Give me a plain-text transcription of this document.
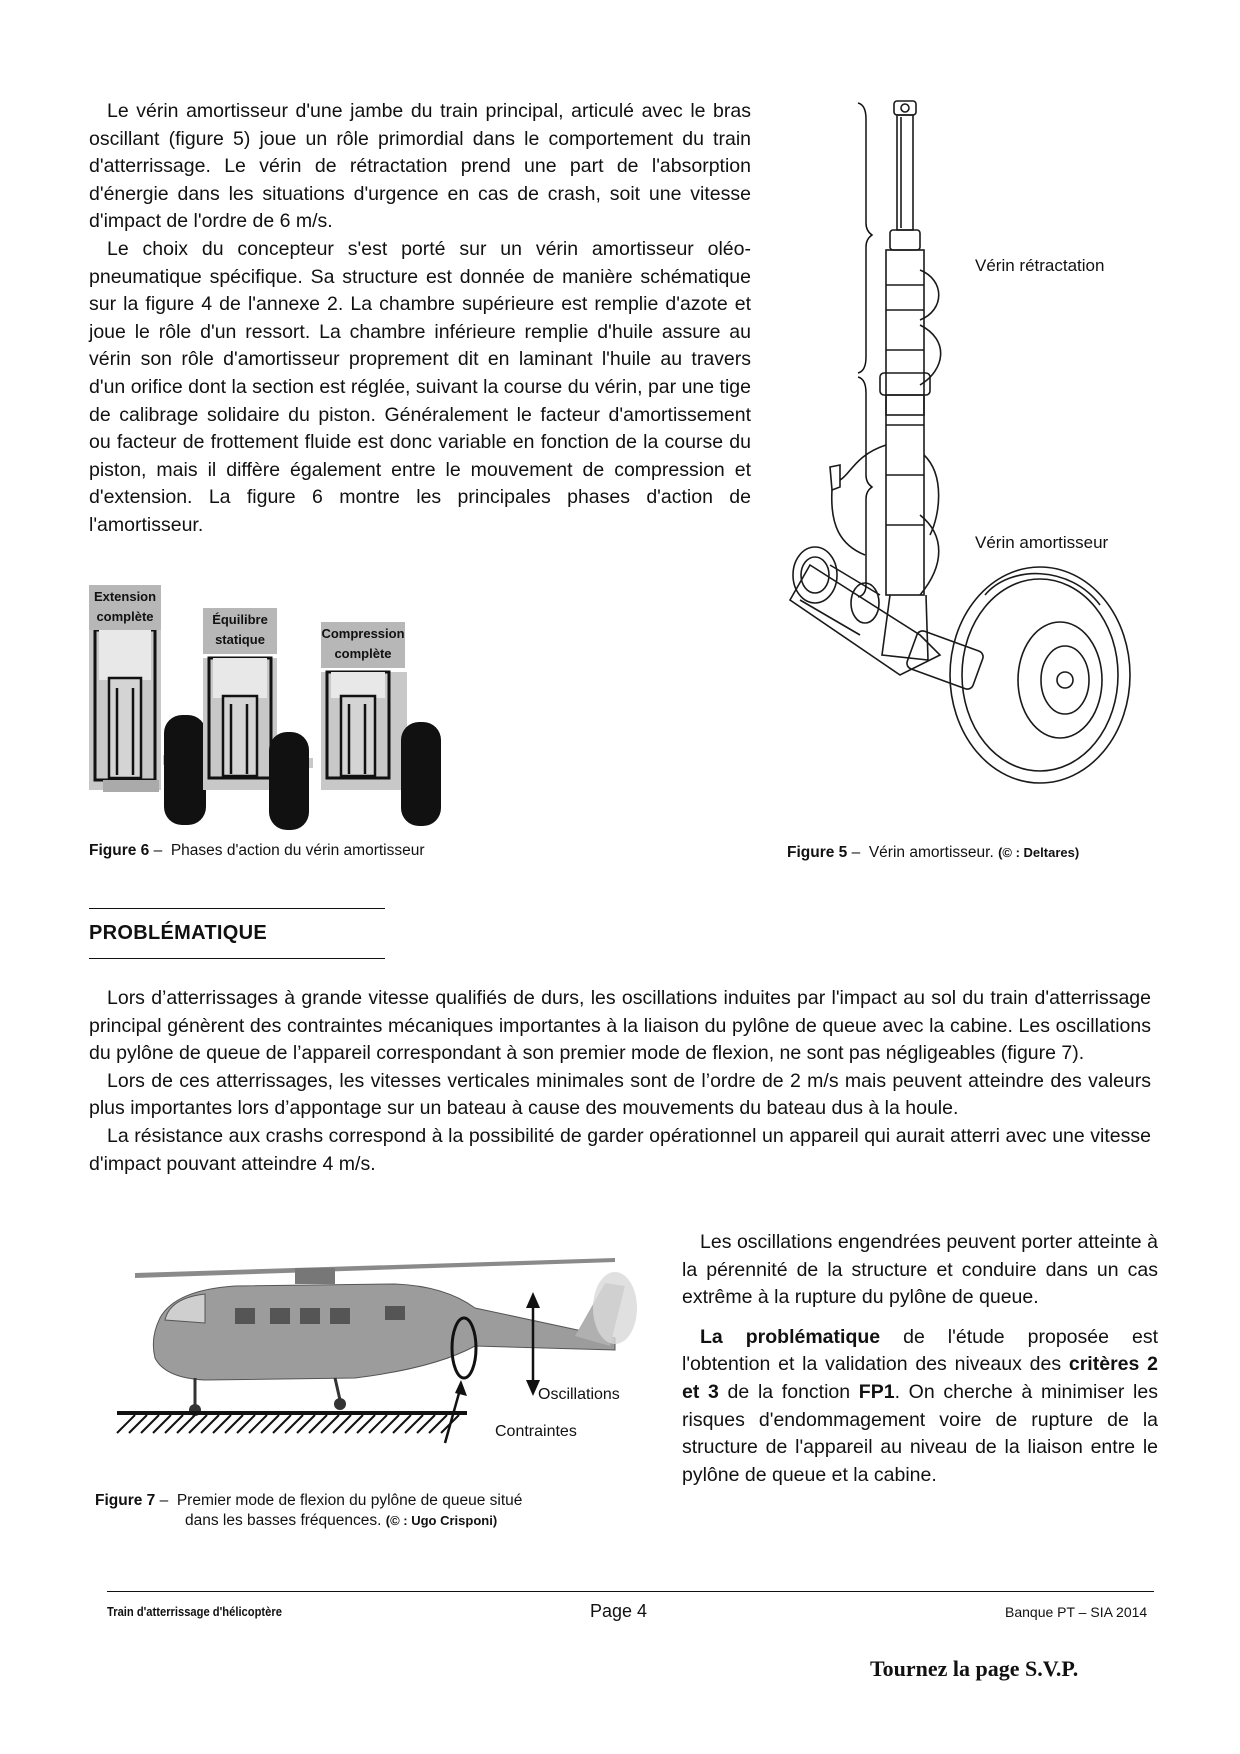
Le vérin amortisseur d'une jambe du train principal, articulé avec le bras oscillant (figure 5) joue un rôle primordial dans le comportement du train d'atterrissage. Le vérin de rétractation prend une part de l'absorption d'énergie dans les situations d'urgence en cas de crash, soit une vitesse d'impact de l'ordre de 6 m/s.

Le choix du concepteur s'est porté sur un vérin amortisseur oléo-pneumatique spécifique. Sa structure est donnée de manière schématique sur la figure 4 de l'annexe 2. La chambre supérieure est remplie d'azote et joue le rôle d'un ressort. La chambre inférieure remplie d'huile assure au vérin son rôle d'amortisseur proprement dit en laminant l'huile au travers d'un orifice dont la section est réglée, suivant la course du vérin, par une tige de calibrage solidaire du piston. Généralement le facteur d'amortissement ou facteur de frottement fluide est donc variable en fonction de la course du piston, mais il diffère également entre le mouvement de compression et d'extension. La figure 6 montre les principales phases d'action de l'amortisseur.

Vérin rétractation
Vérin amortisseur
Figure 5 –  Vérin amortisseur. (© : Deltares)
Extension complète	Équilibre statique	Compression complète
Figure 6 –  Phases d'action du vérin amortisseur
PROBLÉMATIQUE

Lors d’atterrissages à grande vitesse qualifiés de durs, les oscillations induites par l'impact au sol du train d'atterrissage principal génèrent des contraintes mécaniques importantes à la liaison du pylône de queue avec la cabine. Les oscillations du pylône de queue de l’appareil correspondant à son premier mode de flexion, ne sont pas négligeables (figure 7).

Lors de ces atterrissages, les vitesses verticales minimales sont de l’ordre de 2 m/s mais peuvent atteindre des valeurs plus importantes lors d’appontage sur un bateau à cause des mouvements du bateau dus à la houle.

La résistance aux crashs correspond à la possibilité de garder opérationnel un appareil qui aurait atterri avec une vitesse d'impact pouvant atteindre 4 m/s.

Oscillations
Contraintes
Figure 7 –  Premier mode de flexion du pylône de queue situé
dans les basses fréquences. (© : Ugo Crisponi)

Les oscillations engendrées peuvent porter atteinte à la pérennité de la structure et conduire dans un cas extrême à la rupture du pylône de queue.

La problématique de l'étude proposée est l'obtention et la validation des niveaux des critères 2 et 3 de la fonction FP1. On cherche à minimiser les risques d'endommagement voire de rupture de la structure de l'appareil au niveau de la liaison entre le pylône de queue et la cabine.

Train d'atterrissage d'hélicoptère	Page 4	Banque PT – SIA 2014
Tournez la page S.V.P.
